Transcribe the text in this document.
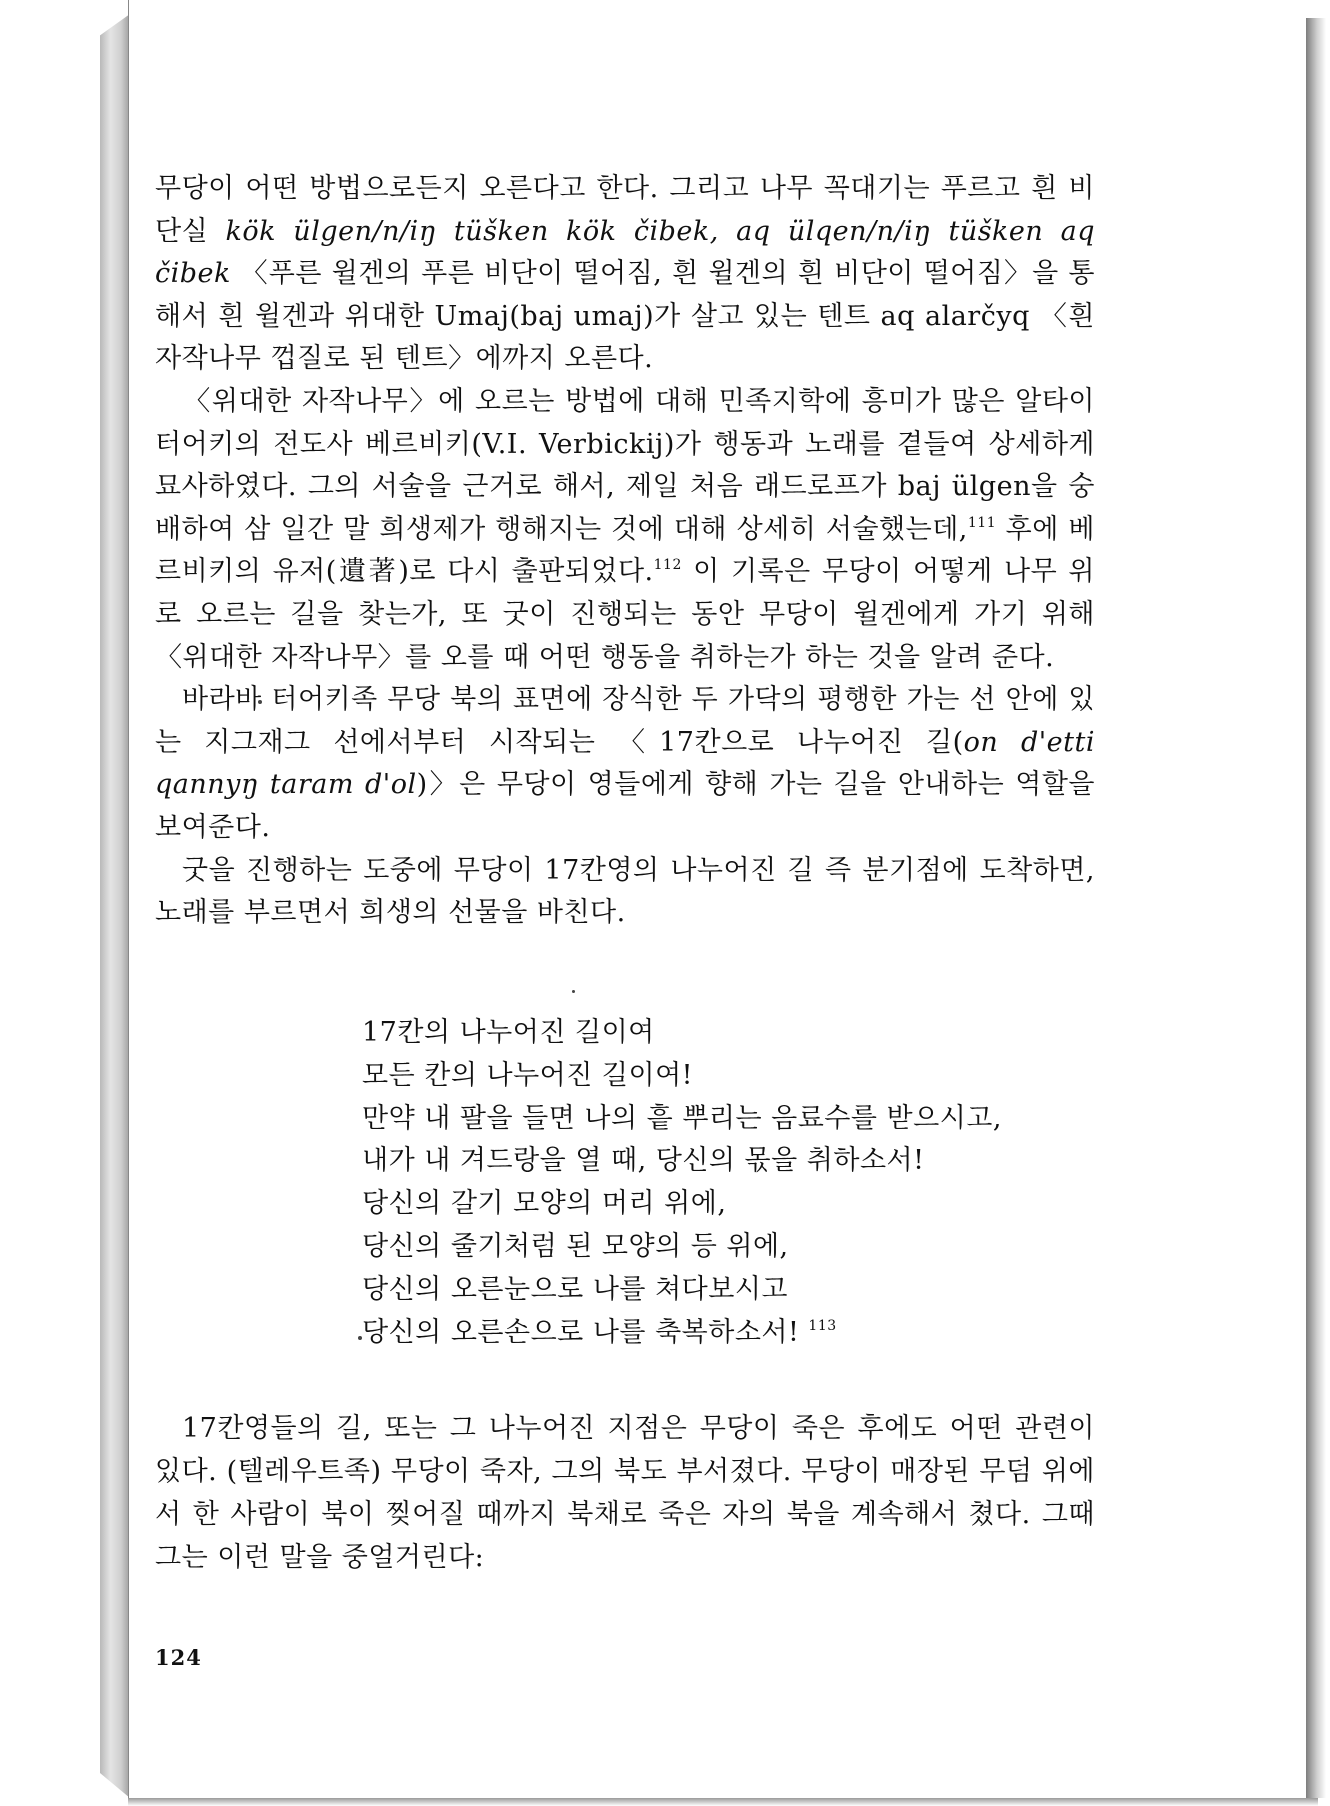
무당이 어떤 방법으로든지 오른다고 한다. 그리고 나무 꼭대기는 푸르고 흰 비단실 kök ülgen/n/iŋ tüšken kök čibek, aq ülqen/n/iŋ tüšken aq čibek 〈푸른 윌겐의 푸른 비단이 떨어짐, 흰 윌겐의 흰 비단이 떨어짐〉을 통해서 흰 윌겐과 위대한 Umaj(baj umaj)가 살고 있는 텐트 aq alarčyq 〈흰 자작나무 껍질로 된 텐트〉에까지 오른다.

〈위대한 자작나무〉에 오르는 방법에 대해 민족지학에 흥미가 많은 알타이 터어키의 전도사 베르비키(V.I. Verbickij)가 행동과 노래를 곁들여 상세하게 묘사하였다. 그의 서술을 근거로 해서, 제일 처음 래드로프가 baj ülgen을 숭배하여 삼 일간 말 희생제가 행해지는 것에 대해 상세히 서술했는데,$^{111}$ 후에 베르비키의 유저(遺著)로 다시 출판되었다.$^{112}$ 이 기록은 무당이 어떻게 나무 위로 오르는 길을 찾는가, 또 굿이 진행되는 동안 무당이 윌겐에게 가기 위해 〈위대한 자작나무〉를 오를 때 어떤 행동을 취하는가 하는 것을 알려 준다.

바라바 터어키족 무당 북의 표면에 장식한 두 가닥의 평행한 가는 선 안에 있는 지그재그 선에서부터 시작되는 〈17칸으로 나누어진 길(on d'etti qannyŋ taram d'ol)〉은 무당이 영들에게 향해 가는 길을 안내하는 역할을 보여준다.

굿을 진행하는 도중에 무당이 17칸영의 나누어진 길 즉 분기점에 도착하면, 노래를 부르면서 희생의 선물을 바친다.

17칸의 나누어진 길이여
모든 칸의 나누어진 길이여!
만약 내 팔을 들면 나의 흩 뿌리는 음료수를 받으시고,
내가 내 겨드랑을 열 때, 당신의 몫을 취하소서!
당신의 갈기 모양의 머리 위에,
당신의 줄기처럼 된 모양의 등 위에,
당신의 오른눈으로 나를 쳐다보시고
당신의 오른손으로 나를 축복하소서! $^{113}$
17칸영들의 길, 또는 그 나누어진 지점은 무당이 죽은 후에도 어떤 관련이 있다. (텔레우트족) 무당이 죽자, 그의 북도 부서졌다. 무당이 매장된 무덤 위에서 한 사람이 북이 찢어질 때까지 북채로 죽은 자의 북을 계속해서 쳤다. 그때 그는 이런 말을 중얼거린다:
124
